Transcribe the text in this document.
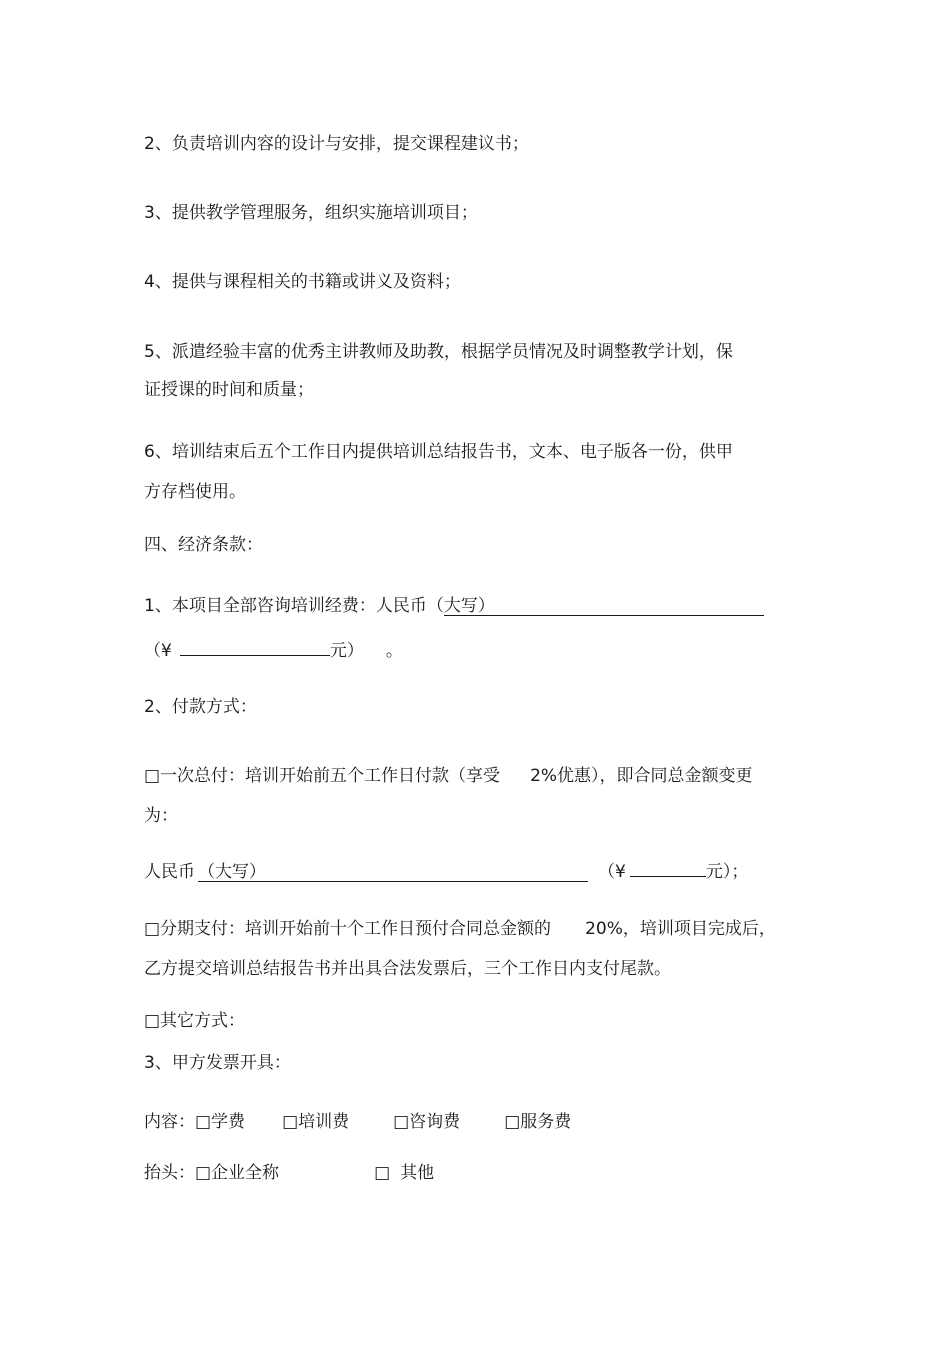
2、负责培训内容的设计与安排，提交课程建议书；
3、提供教学管理服务，组织实施培训项目；
4、提供与课程相关的书籍或讲义及资料；
5、派遣经验丰富的优秀主讲教师及助教，根据学员情况及时调整教学计划，保
证授课的时间和质量；
6、培训结束后五个工作日内提供培训总结报告书，文本、电子版各一份，供甲
方存档使用。
四、经济条款：
1、本项目全部咨询培训经费：人民币（大写）
（¥	元） 。
2、付款方式：
□一次总付：培训开始前五个工作日付款（享受 2%优惠），即合同总金额变更
为：
人民币 （大写）	（¥	元）；
□分期支付：培训开始前十个工作日预付合同总金额的 20%，培训项目完成后，
乙方提交培训总结报告书并出具合法发票后，三个工作日内支付尾款。
□其它方式：
3、甲方发票开具：
内容：□学费 □培训费	□咨询费	□服务费
抬头：□企业全称	□ 其他
